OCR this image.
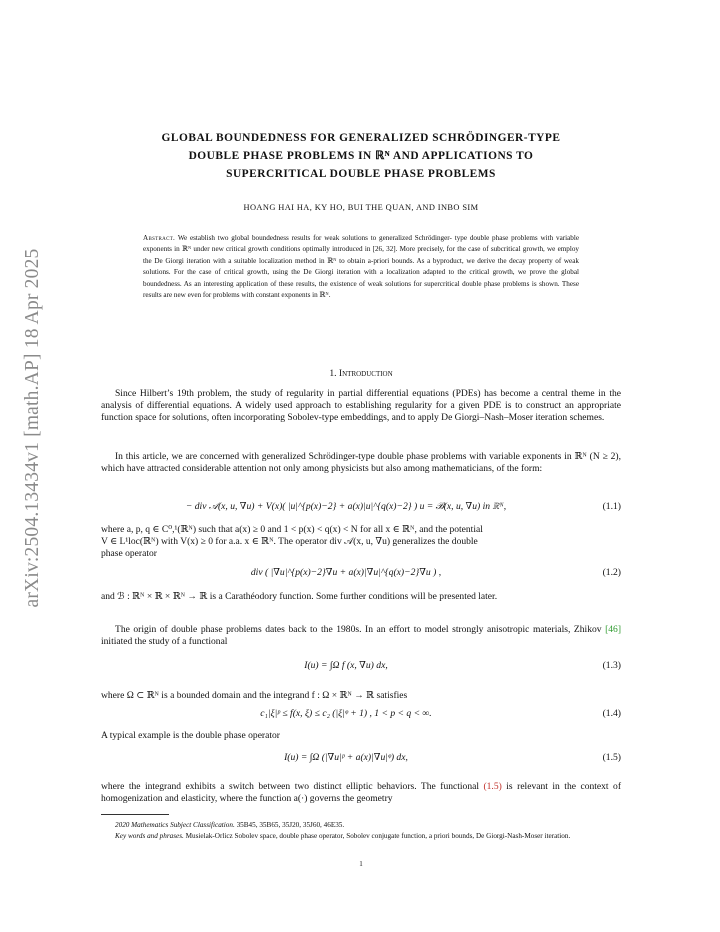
arXiv:2504.13434v1 [math.AP] 18 Apr 2025
GLOBAL BOUNDEDNESS FOR GENERALIZED SCHRÖDINGER-TYPE
DOUBLE PHASE PROBLEMS IN ℝᴺ AND APPLICATIONS TO
SUPERCRITICAL DOUBLE PHASE PROBLEMS
HOANG HAI HA, KY HO, BUI THE QUAN, AND INBO SIM
Abstract. We establish two global boundedness results for weak solutions to generalized Schrödinger- type double phase problems with variable exponents in ℝᴺ under new critical growth conditions optimally introduced in [26, 32]. More precisely, for the case of subcritical growth, we employ the De Giorgi iteration with a suitable localization method in ℝᴺ to obtain a-priori bounds. As a byproduct, we derive the decay property of weak solutions. For the case of critical growth, using the De Giorgi iteration with a localization adapted to the critical growth, we prove the global boundedness. As an interesting application of these results, the existence of weak solutions for supercritical double phase problems is shown. These results are new even for problems with constant exponents in ℝᴺ.
1. Introduction
Since Hilbert’s 19th problem, the study of regularity in partial differential equations (PDEs) has become a central theme in the analysis of differential equations. A widely used approach to establishing regularity for a given PDE is to construct an appropriate function space for solutions, often incorporating Sobolev-type embeddings, and to apply De Giorgi–Nash–Moser iteration schemes.
In this article, we are concerned with generalized Schrödinger-type double phase problems with variable exponents in ℝᴺ (N ≥ 2), which have attracted considerable attention not only among physicists but also among mathematicians, of the form:
− div 𝒜(x, u, ∇u) + V(x)( |u|^{p(x)−2} + a(x)|u|^{q(x)−2} ) u = ℬ(x, u, ∇u) in ℝᴺ,	(1.1)
where a, p, q ∈ C⁰,¹(ℝᴺ) such that a(x) ≥ 0 and 1 < p(x) < q(x) < N for all x ∈ ℝᴺ, and the potential
V ∈ L¹loc(ℝᴺ) with V(x) ≥ 0 for a.a. x ∈ ℝᴺ. The operator div 𝒜(x, u, ∇u) generalizes the double
phase operator
div ( |∇u|^{p(x)−2}∇u + a(x)|∇u|^{q(x)−2}∇u ) ,	(1.2)
and ℬ : ℝᴺ × ℝ × ℝᴺ → ℝ is a Carathéodory function. Some further conditions will be presented later.
The origin of double phase problems dates back to the 1980s. In an effort to model strongly anisotropic materials, Zhikov [46] initiated the study of a functional
I(u) = ∫Ω f (x, ∇u) dx,	(1.3)
where Ω ⊂ ℝᴺ is a bounded domain and the integrand f : Ω × ℝᴺ → ℝ satisfies
c₁|ξ|ᵖ ≤ f(x, ξ) ≤ c₂ (|ξ|ᵠ + 1) , 1 < p < q < ∞.	(1.4)
A typical example is the double phase operator
I(u) = ∫Ω (|∇u|ᵖ + a(x)|∇u|ᵠ) dx,	(1.5)
where the integrand exhibits a switch between two distinct elliptic behaviors. The functional (1.5) is relevant in the context of homogenization and elasticity, where the function a(·) governs the geometry
2020 Mathematics Subject Classification. 35B45, 35B65, 35J20, 35J60, 46E35.
Key words and phrases. Musielak-Orlicz Sobolev space, double phase operator, Sobolev conjugate function, a priori bounds, De Giorgi-Nash-Moser iteration.
1
